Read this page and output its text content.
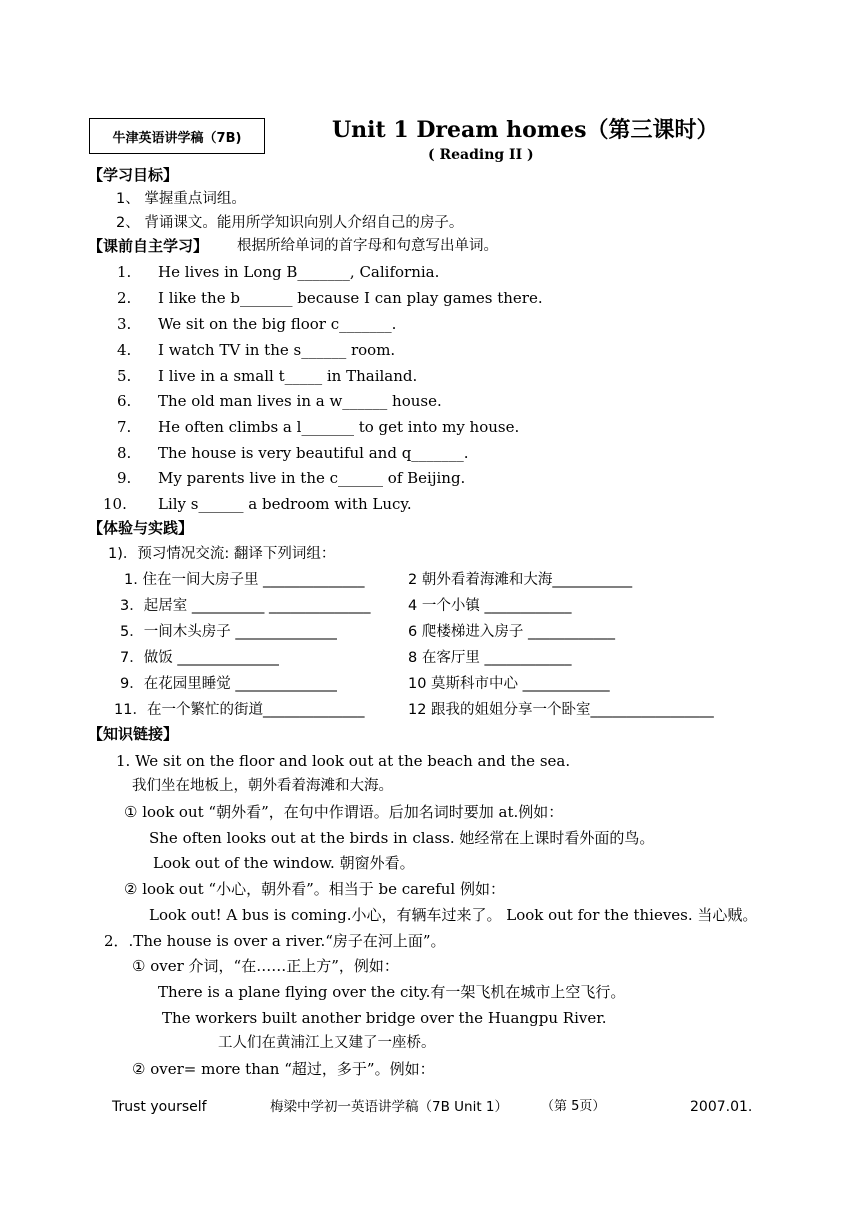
牛津英语讲学稿（7B)	Unit 1 Dream homes（第三课时）
( Reading II )
【学习目标】
1、 掌握重点词组。
2、 背诵课文。能用所学知识向别人介绍自己的房子。
【课前自主学习】 根据所给单词的首字母和句意写出单词。
1. He lives in Long B_______, California.
2. I like the b_______ because I can play games there.
3. We sit on the big floor c_______.
4. I watch TV in the s______ room.
5. I live in a small t_____ in Thailand.
6. The old man lives in a w______ house.
7. He often climbs a l_______ to get into my house.
8. The house is very beautiful and q_______.
9. My parents live in the c______ of Beijing.
10. Lily s______ a bedroom with Lucy.
【体验与实践】
1)．预习情况交流: 翻译下列词组：
1. 住在一间大房子里 ______________	2 朝外看着海滩和大海___________
3．起居室 __________ ______________	4 一个小镇 ____________
5．一间木头房子 ______________	6 爬楼梯进入房子 ____________
7．做饭 ______________	8 在客厅里 ____________
9．在花园里睡觉 ______________	10 莫斯科市中心 ____________
11．在一个繁忙的街道______________	12 跟我的姐姐分享一个卧室_________________
【知识链接】
1. We sit on the floor and look out at the beach and the sea.
我们坐在地板上，朝外看着海滩和大海。
① look out “朝外看”，在句中作谓语。后加名词时要加 at.例如：
She often looks out at the birds in class. 她经常在上课时看外面的鸟。
Look out of the window. 朝窗外看。
② look out “小心，朝外看”。相当于 be careful 例如：
Look out! A bus is coming.小心，有辆车过来了。 Look out for the thieves. 当心贼。
2．.The house is over a river.“房子在河上面”。
① over 介词，“在……正上方”，例如：
There is a plane flying over the city.有一架飞机在城市上空飞行。
The workers built another bridge over the Huangpu River.
工人们在黄浦江上又建了一座桥。
② over= more than “超过，多于”。例如：
Trust yourself	梅梁中学初一英语讲学稿（7B Unit 1）	（第 5页）	2007.01.
